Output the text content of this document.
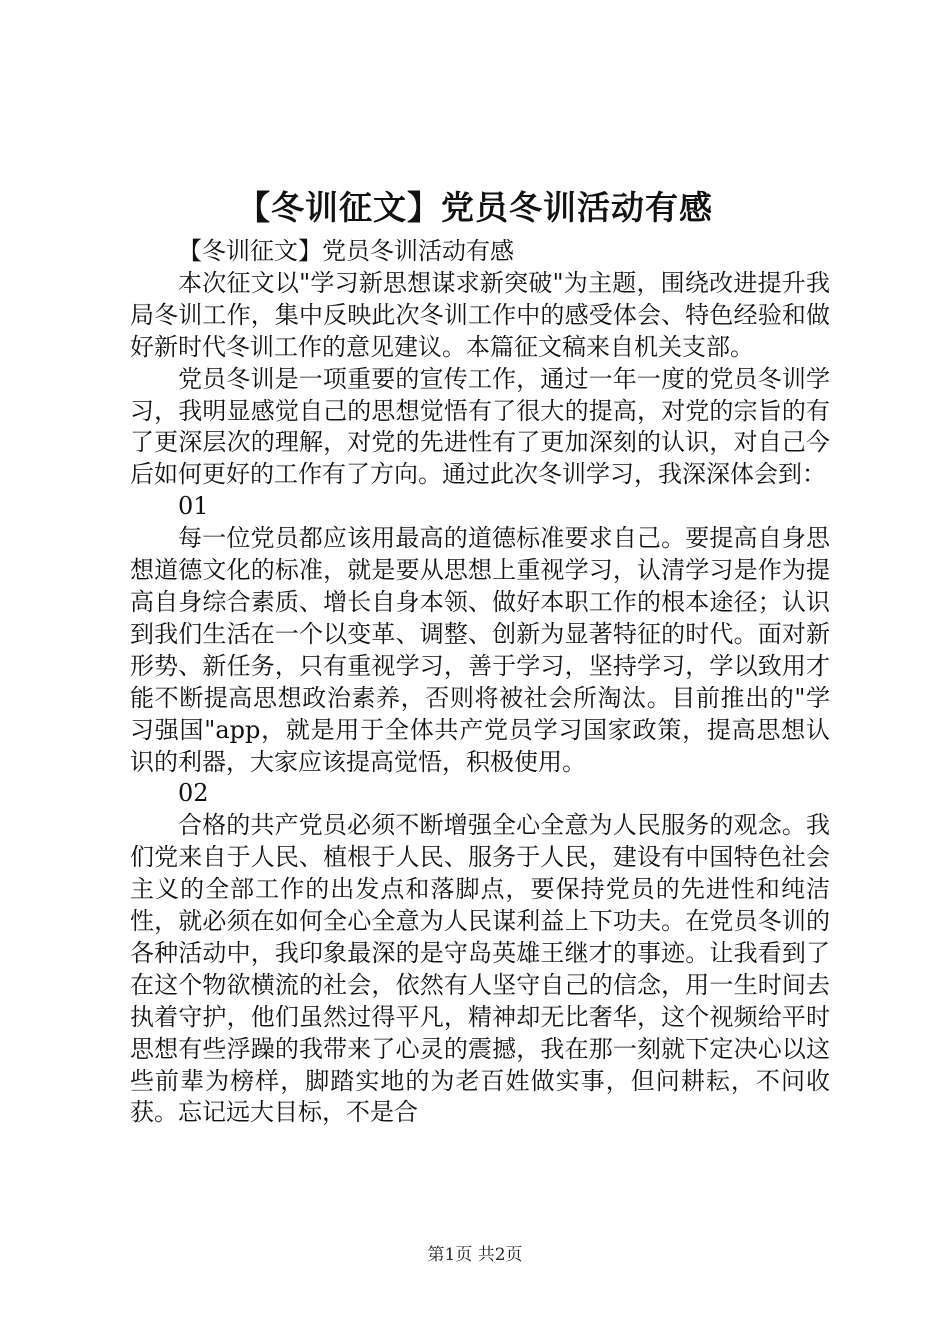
【冬训征文】党员冬训活动有感

【冬训征文】党员冬训活动有感

本次征文以"学习新思想谋求新突破"为主题，围绕改进提升我局冬训工作，集中反映此次冬训工作中的感受体会、特色经验和做好新时代冬训工作的意见建议。本篇征文稿来自机关支部。

党员冬训是一项重要的宣传工作，通过一年一度的党员冬训学习，我明显感觉自己的思想觉悟有了很大的提高，对党的宗旨的有了更深层次的理解，对党的先进性有了更加深刻的认识，对自己今后如何更好的工作有了方向。通过此次冬训学习，我深深体会到：

01

每一位党员都应该用最高的道德标准要求自己。要提高自身思想道德文化的标准，就是要从思想上重视学习，认清学习是作为提高自身综合素质、增长自身本领、做好本职工作的根本途径；认识到我们生活在一个以变革、调整、创新为显著特征的时代。面对新形势、新任务，只有重视学习，善于学习，坚持学习，学以致用才能不断提高思想政治素养，否则将被社会所淘汰。目前推出的"学习强国"app，就是用于全体共产党员学习国家政策，提高思想认识的利器，大家应该提高觉悟，积极使用。

02

合格的共产党员必须不断增强全心全意为人民服务的观念。我们党来自于人民、植根于人民、服务于人民，建设有中国特色社会主义的全部工作的出发点和落脚点，要保持党员的先进性和纯洁性，就必须在如何全心全意为人民谋利益上下功夫。在党员冬训的各种活动中，我印象最深的是守岛英雄王继才的事迹。让我看到了在这个物欲横流的社会，依然有人坚守自己的信念，用一生时间去执着守护，他们虽然过得平凡，精神却无比奢华，这个视频给平时思想有些浮躁的我带来了心灵的震撼，我在那一刻就下定决心以这些前辈为榜样，脚踏实地的为老百姓做实事，但问耕耘，不问收获。忘记远大目标，不是合

第1页 共2页
